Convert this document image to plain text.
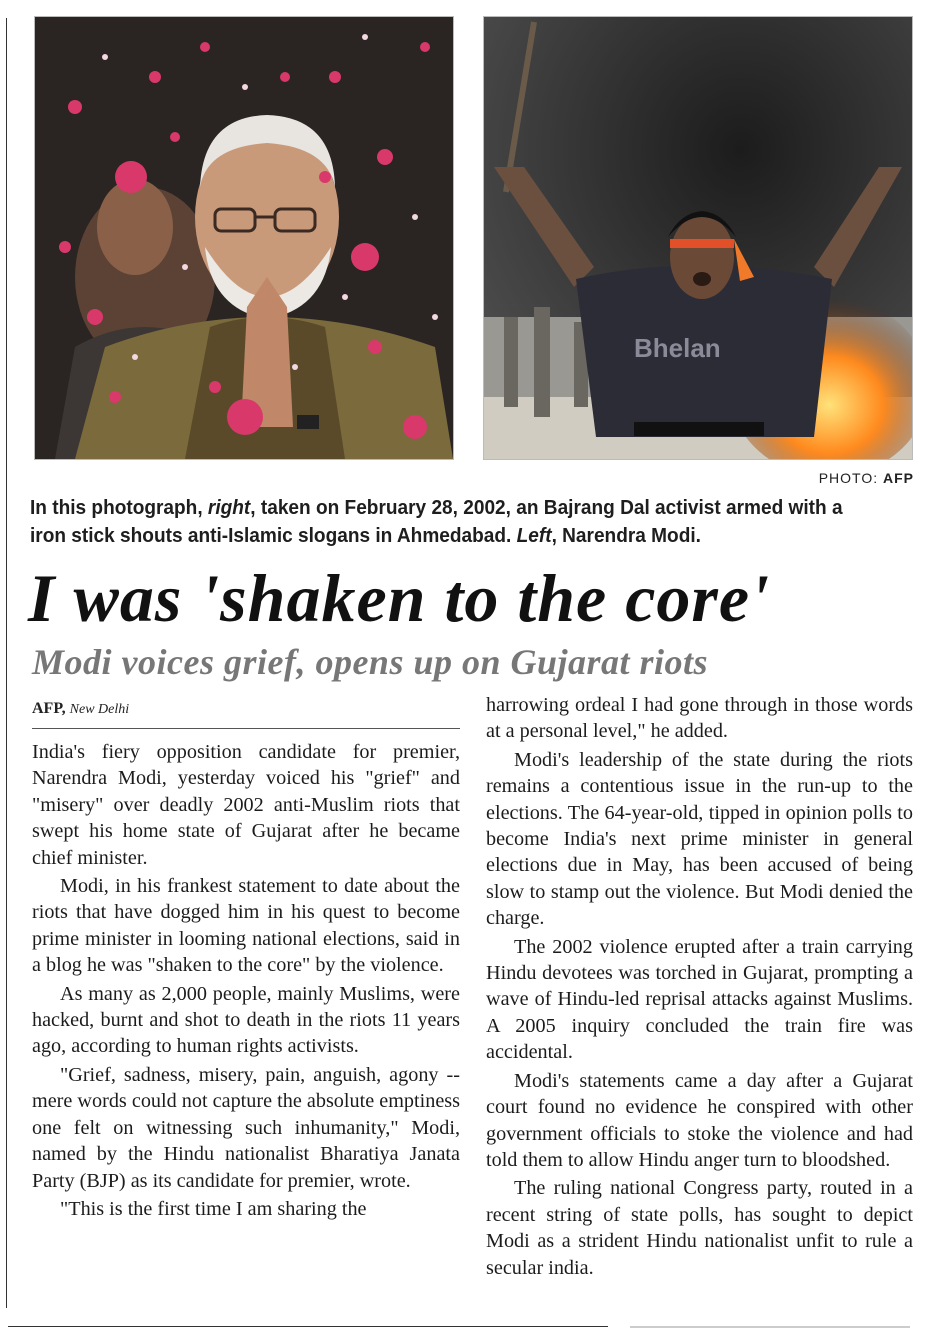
Bhelan
PHOTO: AFP
In this photograph, right, taken on February 28, 2002, an Bajrang Dal activist armed with a iron stick shouts anti-Islamic slogans in Ahmedabad. Left, Narendra Modi.
I was 'shaken to the core'
Modi voices grief, opens up on Gujarat riots
AFP, New Delhi

India's fiery opposition candidate for premier, Narendra Modi, yesterday voiced his "grief" and "misery" over deadly 2002 anti-Muslim riots that swept his home state of Gujarat after he became chief minister.

Modi, in his frankest statement to date about the riots that have dogged him in his quest to become prime minister in looming national elections, said in a blog he was "shaken to the core" by the violence.

As many as 2,000 people, mainly Muslims, were hacked, burnt and shot to death in the riots 11 years ago, according to human rights activists.

"Grief, sadness, misery, pain, anguish, agony -- mere words could not capture the absolute emptiness one felt on witnessing such inhumanity," Modi, named by the Hindu nationalist Bharatiya Janata Party (BJP) as its candidate for premier, wrote.

"This is the first time I am sharing the

harrowing ordeal I had gone through in those words at a personal level," he added.

Modi's leadership of the state during the riots remains a contentious issue in the run-up to the elections. The 64-year-old, tipped in opinion polls to become India's next prime minister in general elections due in May, has been accused of being slow to stamp out the violence. But Modi denied the charge.

The 2002 violence erupted after a train carrying Hindu devotees was torched in Gujarat, prompting a wave of Hindu-led reprisal attacks against Muslims. A 2005 inquiry concluded the train fire was accidental.

Modi's statements came a day after a Gujarat court found no evidence he conspired with other government officials to stoke the violence and had told them to allow Hindu anger turn to bloodshed.

The ruling national Congress party, routed in a recent string of state polls, has sought to depict Modi as a strident Hindu nationalist unfit to rule a secular india.
